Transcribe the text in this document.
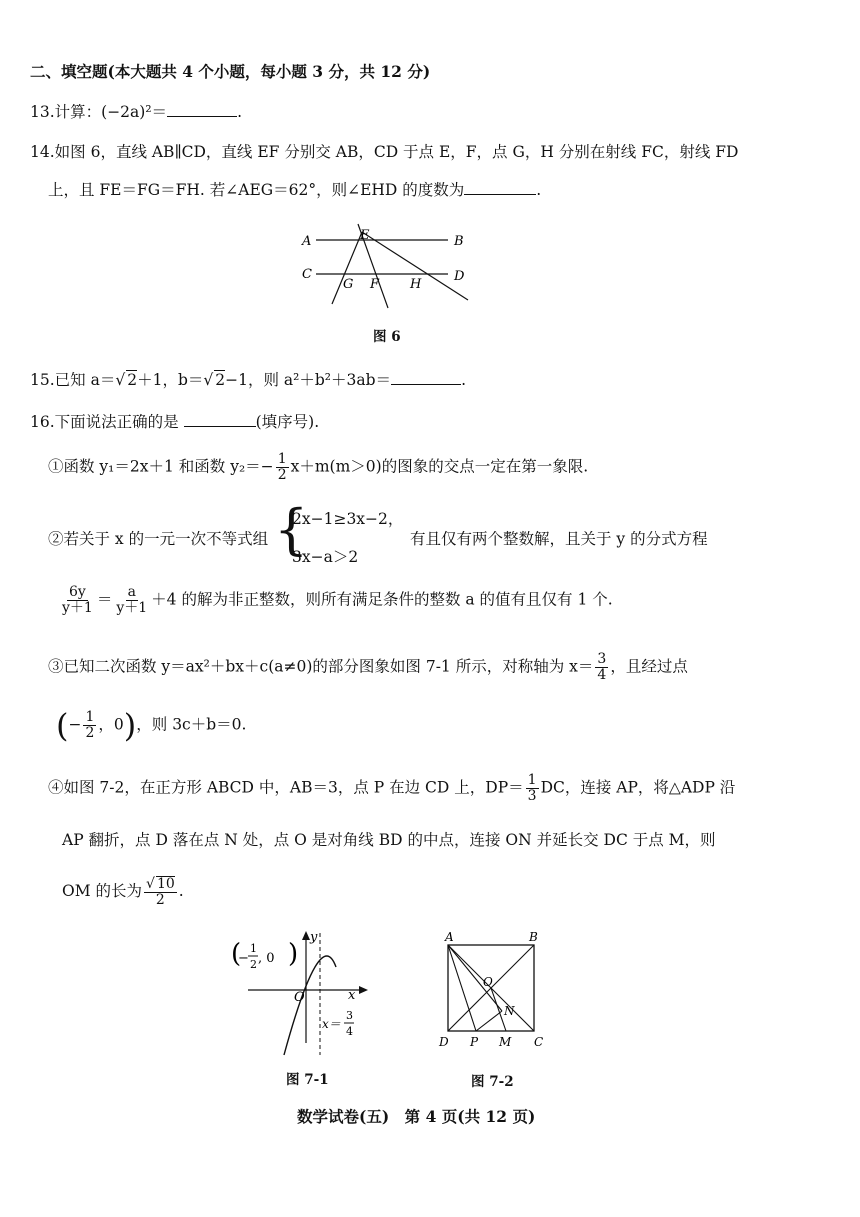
二、填空题(本大题共 4 个小题，每小题 3 分，共 12 分)
13.计算：(−2a)²＝	.
14.如图 6，直线 AB∥CD，直线 EF 分别交 AB，CD 于点 E，F，点 G，H 分别在射线 FC，射线 FD
上，且 FE＝FG＝FH. 若∠AEG＝62°，则∠EHD 的度数为	.
A	B
C	D
E
F
G	H
图 6
15.已知 a＝√ 2＋1，b＝√ 2−1，则 a²＋b²＋3ab＝	.
16.下面说法正确的是	(填序号).
①函数 y₁＝2x＋1 和函数 $y_2=- \frac{1}{2} x+m(m>0)$的图象的交点一定在第一象限.
②若关于 x 的一元一次不等式组 {
2x−1≥3x−2，
3x−a＞2
有且仅有两个整数解，且关于 y 的分式方程
$\frac{6y}{y+1} = \frac{a}{y+1} +4$ 的解为非正整数，则所有满足条件的整数 a 的值有且仅有 1 个.
③已知二次函数 y＝ax²＋bx＋c(a≠0)的部分图象如图 7-1 所示，对称轴为 $x= \frac{3}{4}$ ，且经过点
(− $\frac{1}{2}$ ，0)，则 3c＋b＝0.
④如图 7-2，在正方形 ABCD 中，AB＝3，点 P 在边 CD 上，$DP= \frac{1}{3}$ DC，连接 AP，将△ADP 沿
AP 翻折，点 D 落在点 N 处，点 O 是对角线 BD 的中点，连接 ON 并延长交 DC 于点 M，则
OM 的长为 $\frac{√ 10}{2}$ .
y
x
O
(
−
1
2 , 0 )
x＝
3
4
图 7-1
A	B
C
D
O
N
P M
图 7-2
数学试卷(五)　第 4 页(共 12 页)
